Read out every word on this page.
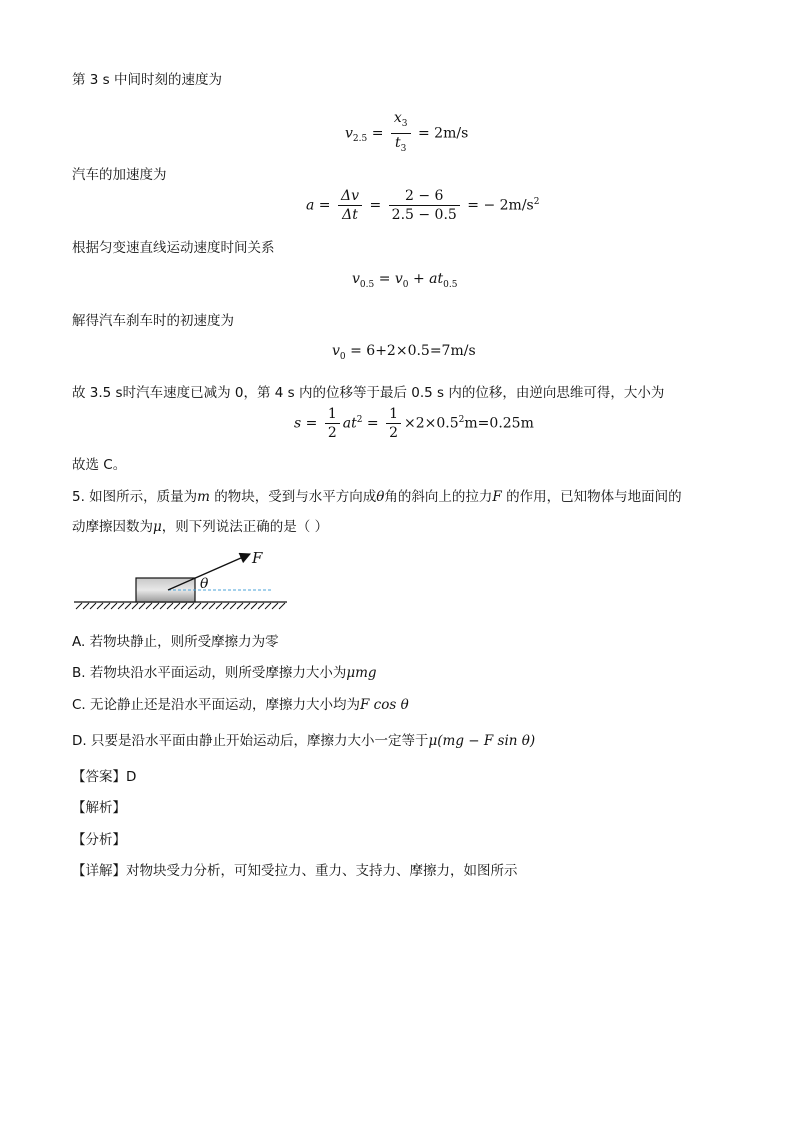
第 3 s 中间时刻的速度为
$v_{2.5} = \frac{x_3}{t_3} = 2m/s$
汽车的加速度为
$a = \frac{\Delta v}{\Delta t} = \frac{2 - 6}{2.5 - 0.5}$ = − $2m/s^2$
根据匀变速直线运动速度时间关系
$v_{0.5} = v_0 + at_{0.5}$
解得汽车刹车时的初速度为
$v_0 = 6+2\times 0.5=7m/s$
故 3.5 s时汽车速度已减为 0，第 4 s 内的位移等于最后 0.5 s 内的位移，由逆向思维可得，大小为
$s = \frac{1}{2} at^2 = \frac{1}{2} \times 2\times 0.5^2m=0.25m$
故选 C。
5. 如图所示，质量为m 的物块，受到与水平方向成θ角的斜向上的拉力F 的作用，已知物体与地面间的
动摩擦因数为μ，则下列说法正确的是（ ）
F
θ
A. 若物块静止，则所受摩擦力为零
B. 若物块沿水平面运动，则所受摩擦力大小为μmg
C. 无论静止还是沿水平面运动，摩擦力大小均为F cos θ
D. 只要是沿水平面由静止开始运动后，摩擦力大小一定等于μ(mg − F sin θ)
【答案】D
【解析】
【分析】
【详解】对物块受力分析，可知受拉力、重力、支持力、摩擦力，如图所示
